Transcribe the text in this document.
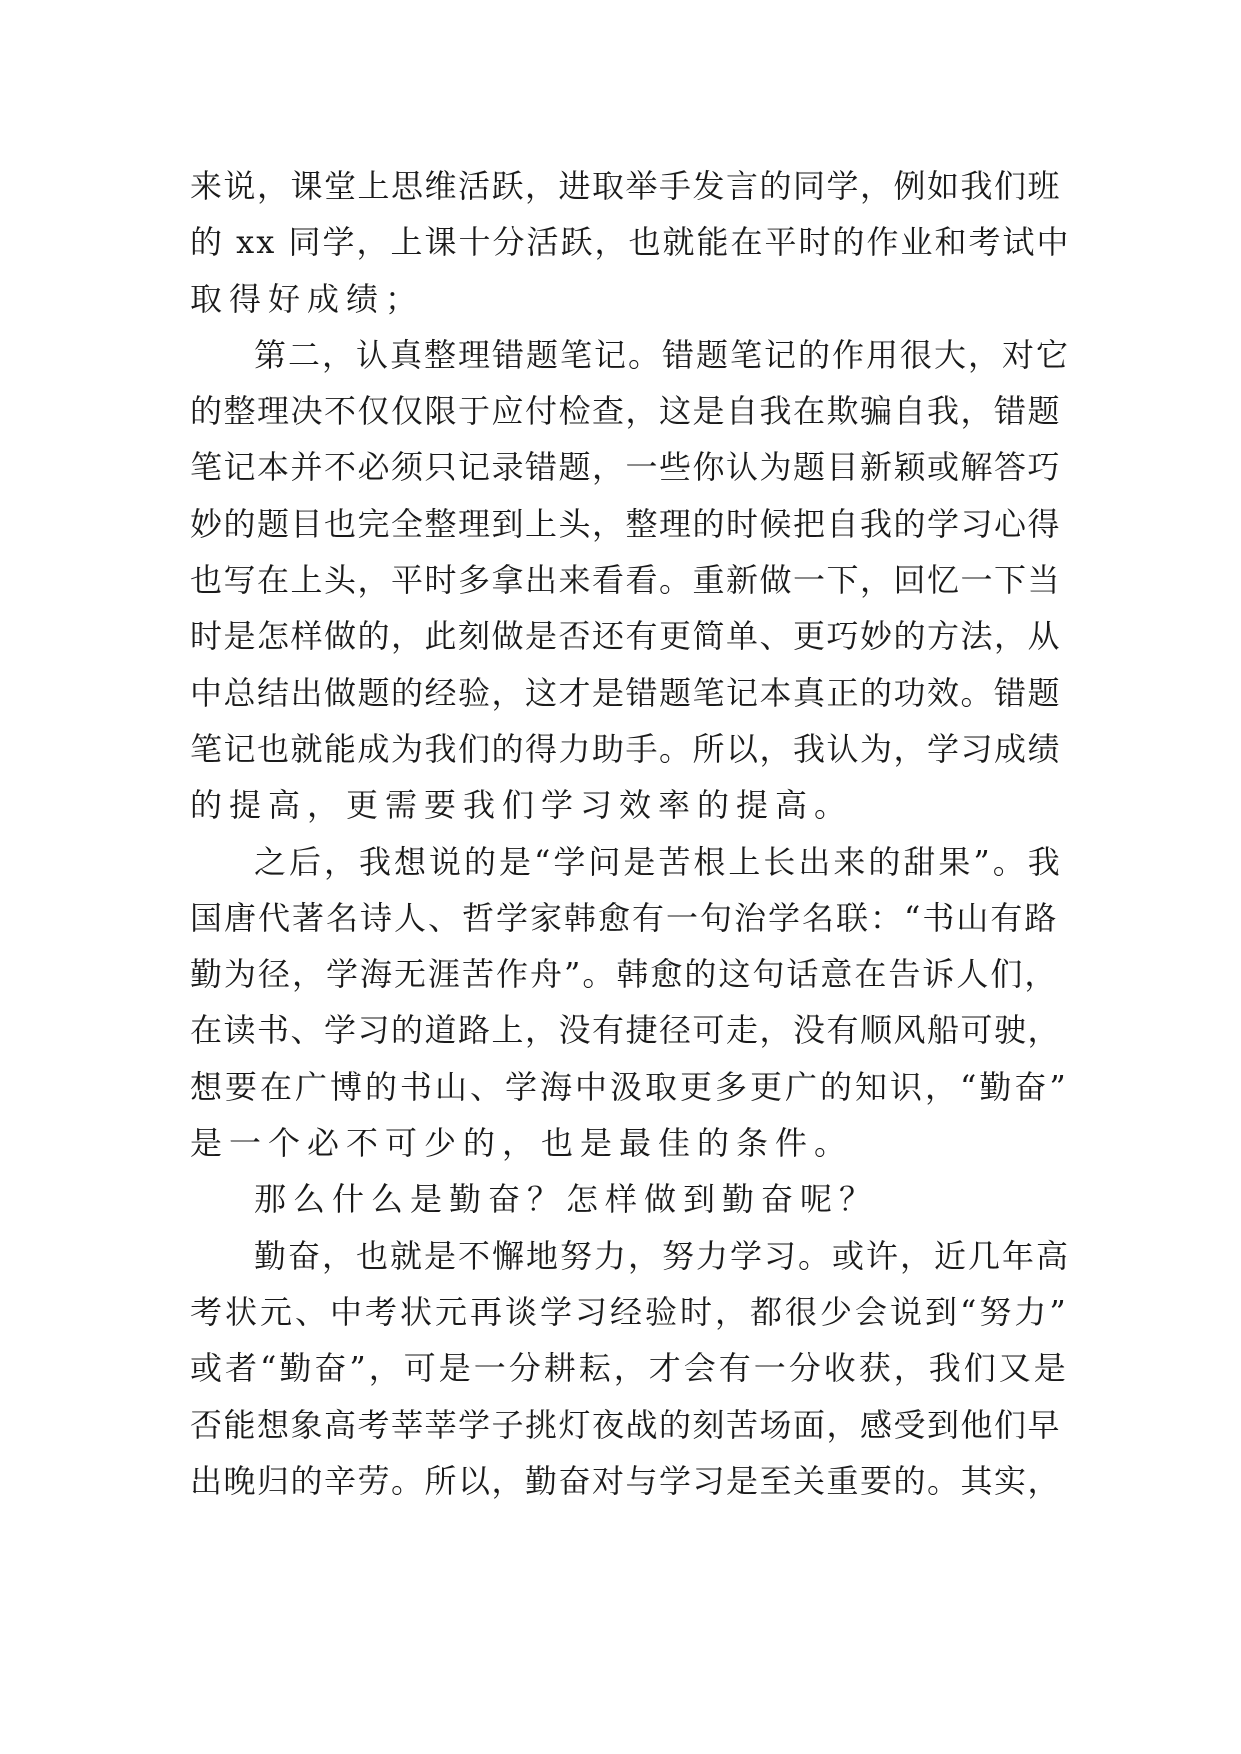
来说，课堂上思维活跃，进取举手发言的同学，例如我们班
的 xx 同学，上课十分活跃，也就能在平时的作业和考试中
取得好成绩；
第二，认真整理错题笔记。错题笔记的作用很大，对它
的整理决不仅仅限于应付检查，这是自我在欺骗自我，错题
笔记本并不必须只记录错题，一些你认为题目新颖或解答巧
妙的题目也完全整理到上头，整理的时候把自我的学习心得
也写在上头，平时多拿出来看看。重新做一下，回忆一下当
时是怎样做的，此刻做是否还有更简单、更巧妙的方法，从
中总结出做题的经验，这才是错题笔记本真正的功效。错题
笔记也就能成为我们的得力助手。所以，我认为，学习成绩
的提高，更需要我们学习效率的提高。
之后，我想说的是“学问是苦根上长出来的甜果”。我
国唐代著名诗人、哲学家韩愈有一句治学名联：“书山有路
勤为径，学海无涯苦作舟”。韩愈的这句话意在告诉人们，
在读书、学习的道路上，没有捷径可走，没有顺风船可驶，
想要在广博的书山、学海中汲取更多更广的知识，“勤奋”
是一个必不可少的，也是最佳的条件。
那么什么是勤奋？怎样做到勤奋呢？
勤奋，也就是不懈地努力，努力学习。或许，近几年高
考状元、中考状元再谈学习经验时，都很少会说到“努力”
或者“勤奋”，可是一分耕耘，才会有一分收获，我们又是
否能想象高考莘莘学子挑灯夜战的刻苦场面，感受到他们早
出晚归的辛劳。所以，勤奋对与学习是至关重要的。其实，
